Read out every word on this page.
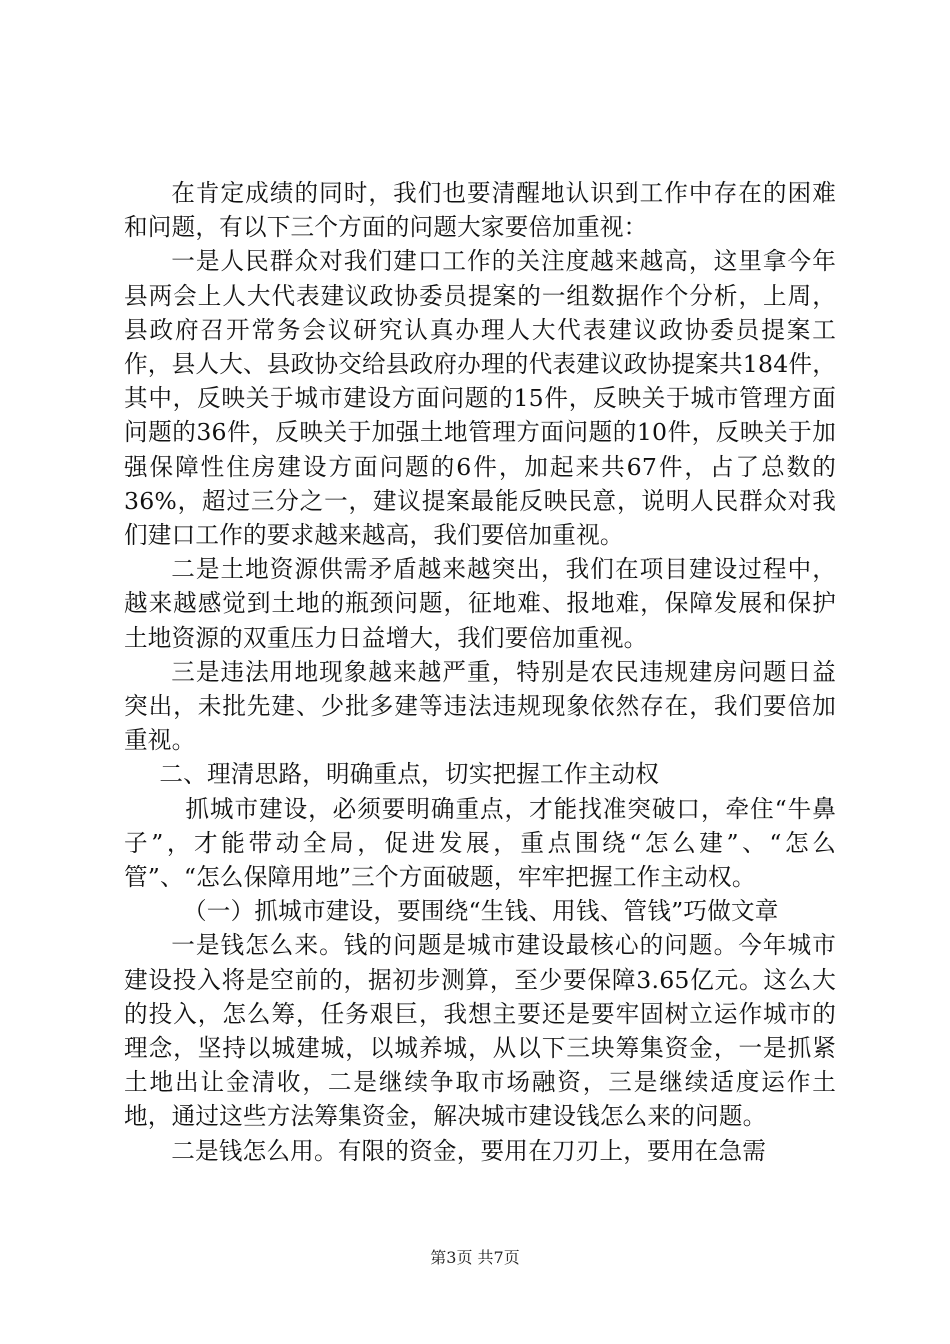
在肯定成绩的同时，我们也要清醒地认识到工作中存在的困难和问题，有以下三个方面的问题大家要倍加重视：

一是人民群众对我们建口工作的关注度越来越高，这里拿今年县两会上人大代表建议政协委员提案的一组数据作个分析，上周，县政府召开常务会议研究认真办理人大代表建议政协委员提案工作，县人大、县政协交给县政府办理的代表建议政协提案共184件，其中，反映关于城市建设方面问题的15件，反映关于城市管理方面问题的36件，反映关于加强土地管理方面问题的10件，反映关于加强保障性住房建设方面问题的6件，加起来共67件，占了总数的36%，超过三分之一，建议提案最能反映民意，说明人民群众对我们建口工作的要求越来越高，我们要倍加重视。

二是土地资源供需矛盾越来越突出，我们在项目建设过程中，越来越感觉到土地的瓶颈问题，征地难、报地难，保障发展和保护土地资源的双重压力日益增大，我们要倍加重视。

三是违法用地现象越来越严重，特别是农民违规建房问题日益突出，未批先建、少批多建等违法违规现象依然存在，我们要倍加重视。

二、理清思路，明确重点，切实把握工作主动权

抓城市建设，必须要明确重点，才能找准突破口，牵住“牛鼻子”，才能带动全局，促进发展，重点围绕“怎么建”、“怎么管”、“怎么保障用地”三个方面破题，牢牢把握工作主动权。

（一）抓城市建设，要围绕“生钱、用钱、管钱”巧做文章

一是钱怎么来。钱的问题是城市建设最核心的问题。今年城市建设投入将是空前的，据初步测算，至少要保障3.65亿元。这么大的投入，怎么筹，任务艰巨，我想主要还是要牢固树立运作城市的理念，坚持以城建城，以城养城，从以下三块筹集资金，一是抓紧土地出让金清收，二是继续争取市场融资，三是继续适度运作土地，通过这些方法筹集资金，解决城市建设钱怎么来的问题。

二是钱怎么用。有限的资金，要用在刀刃上，要用在急需

第3页 共7页
